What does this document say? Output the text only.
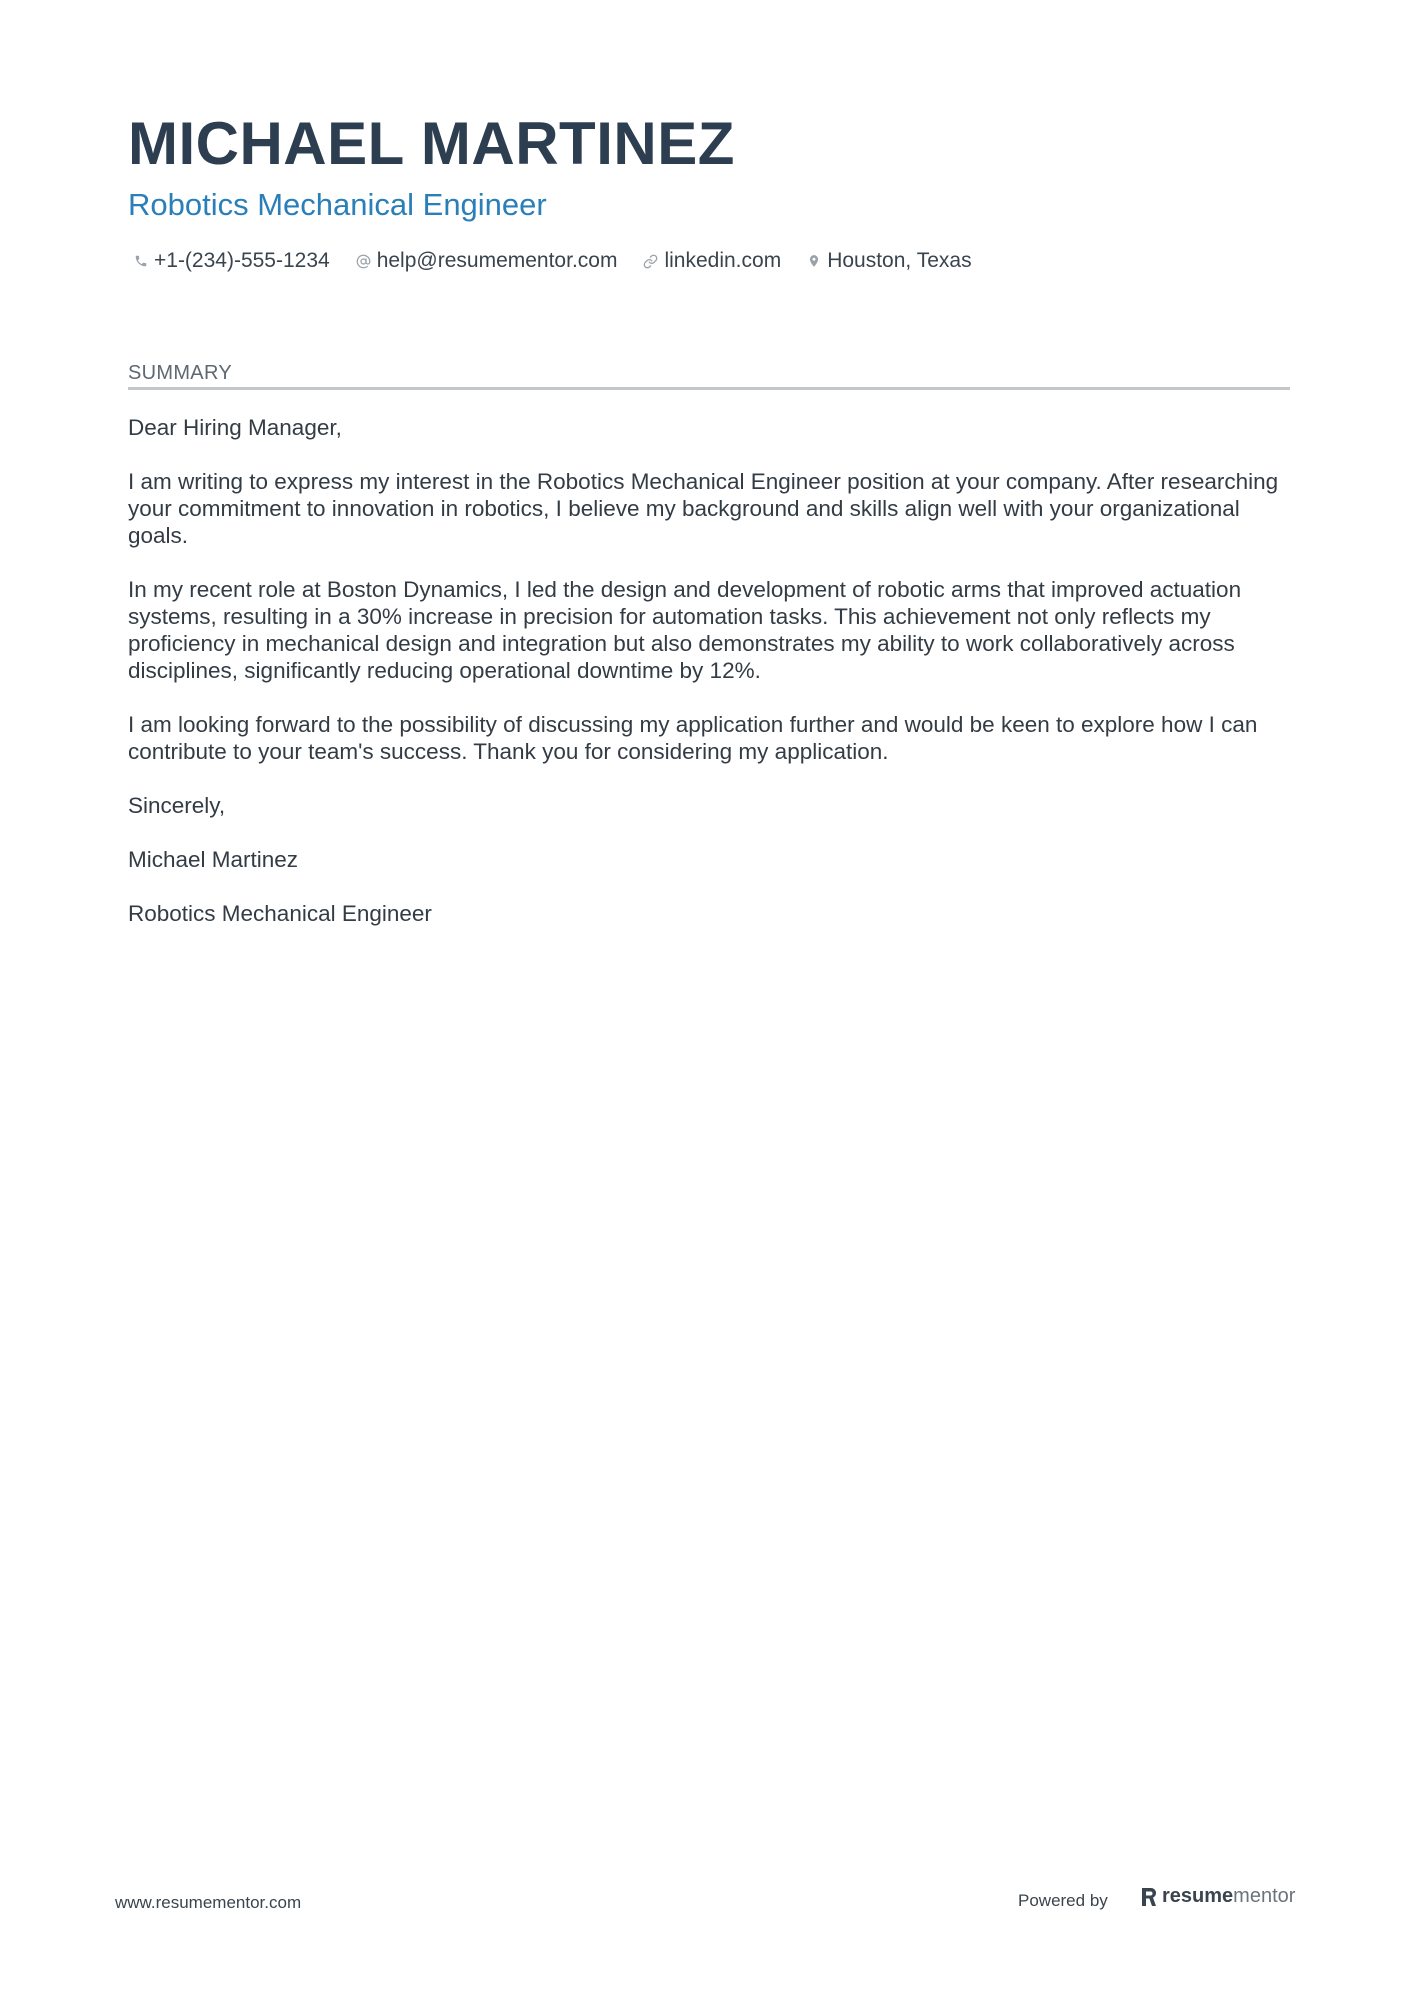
MICHAEL MARTINEZ
Robotics Mechanical Engineer
+1-(234)-555-1234 help@resumementor.com linkedin.com Houston, Texas
SUMMARY

Dear Hiring Manager,

I am writing to express my interest in the Robotics Mechanical Engineer position at your company. After researching your commitment to innovation in robotics, I believe my background and skills align well with your organizational goals.

In my recent role at Boston Dynamics, I led the design and development of robotic arms that improved actuation systems, resulting in a 30% increase in precision for automation tasks. This achievement not only reflects my proficiency in mechanical design and integration but also demonstrates my ability to work collaboratively across disciplines, significantly reducing operational downtime by 12%.

I am looking forward to the possibility of discussing my application further and would be keen to explore how I can contribute to your team's success. Thank you for considering my application.

Sincerely,

Michael Martinez

Robotics Mechanical Engineer

www.resumementor.com	Powered by	resume mentor
